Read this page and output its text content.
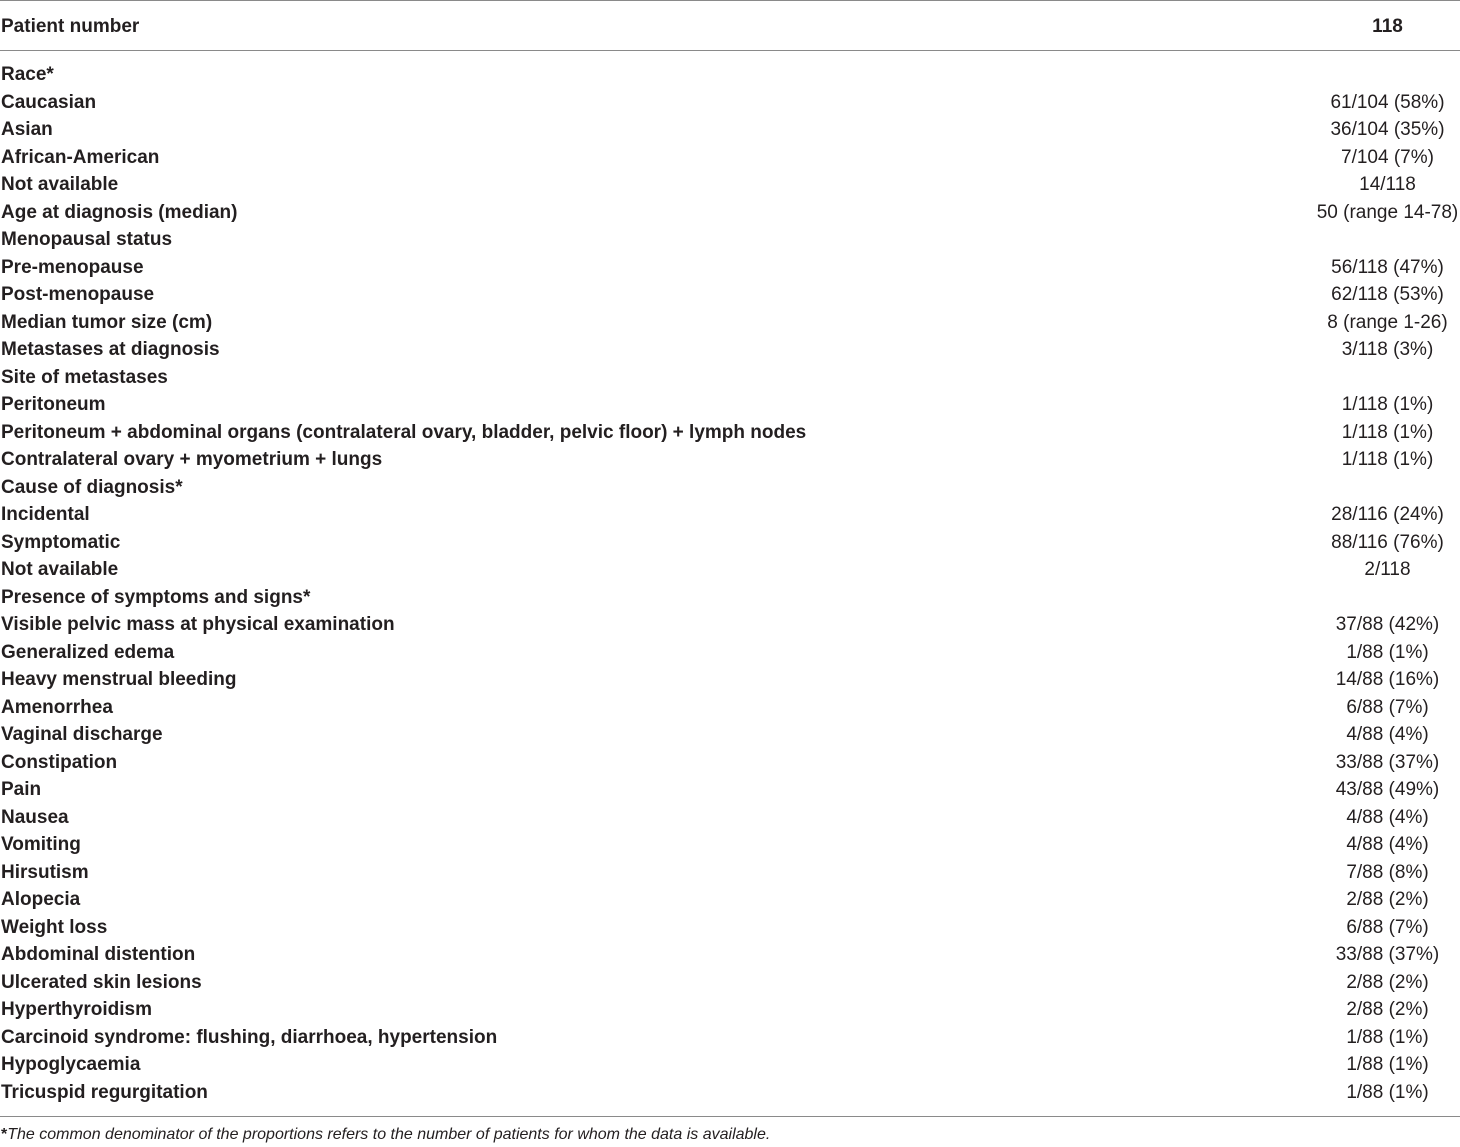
Patient number	118
Race*
Caucasian	61/104 (58%)
Asian	36/104 (35%)
African-American	7/104 (7%)
Not available	14/118
Age at diagnosis (median)	50 (range 14-78)
Menopausal status
Pre-menopause	56/118 (47%)
Post-menopause	62/118 (53%)
Median tumor size (cm)	8 (range 1-26)
Metastases at diagnosis	3/118 (3%)
Site of metastases
Peritoneum	1/118 (1%)
Peritoneum + abdominal organs (contralateral ovary, bladder, pelvic floor) + lymph nodes	1/118 (1%)
Contralateral ovary + myometrium + lungs	1/118 (1%)
Cause of diagnosis*
Incidental	28/116 (24%)
Symptomatic	88/116 (76%)
Not available	2/118
Presence of symptoms and signs*
Visible pelvic mass at physical examination	37/88 (42%)
Generalized edema	1/88 (1%)
Heavy menstrual bleeding	14/88 (16%)
Amenorrhea	6/88 (7%)
Vaginal discharge	4/88 (4%)
Constipation	33/88 (37%)
Pain	43/88 (49%)
Nausea	4/88 (4%)
Vomiting	4/88 (4%)
Hirsutism	7/88 (8%)
Alopecia	2/88 (2%)
Weight loss	6/88 (7%)
Abdominal distention	33/88 (37%)
Ulcerated skin lesions	2/88 (2%)
Hyperthyroidism	2/88 (2%)
Carcinoid syndrome: flushing, diarrhoea, hypertension	1/88 (1%)
Hypoglycaemia	1/88 (1%)
Tricuspid regurgitation	1/88 (1%)
*The common denominator of the proportions refers to the number of patients for whom the data is available.
